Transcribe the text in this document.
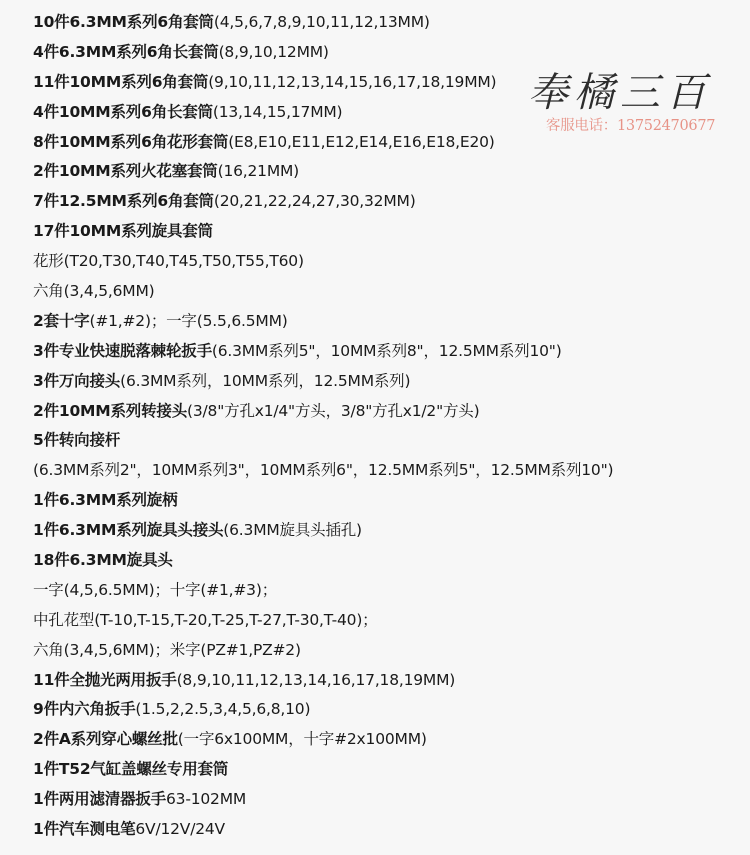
10件6.3MM系列6角套筒(4,5,6,7,8,9,10,11,12,13MM)
4件6.3MM系列6角长套筒(8,9,10,12MM)
11件10MM系列6角套筒(9,10,11,12,13,14,15,16,17,18,19MM)
4件10MM系列6角长套筒(13,14,15,17MM)
8件10MM系列6角花形套筒(E8,E10,E11,E12,E14,E16,E18,E20)
2件10MM系列火花塞套筒(16,21MM)
7件12.5MM系列6角套筒(20,21,22,24,27,30,32MM)
17件10MM系列旋具套筒
花形(T20,T30,T40,T45,T50,T55,T60)
六角(3,4,5,6MM)
2套十字(#1,#2)；一字(5.5,6.5MM)
3件专业快速脱落棘轮扳手(6.3MM系列5"，10MM系列8"，12.5MM系列10")
3件万向接头(6.3MM系列，10MM系列，12.5MM系列)
2件10MM系列转接头(3/8"方孔x1/4"方头，3/8"方孔x1/2"方头)
5件转向接杆
(6.3MM系列2"，10MM系列3"，10MM系列6"，12.5MM系列5"，12.5MM系列10")
1件6.3MM系列旋柄
1件6.3MM系列旋具头接头(6.3MM旋具头插孔)
18件6.3MM旋具头
一字(4,5,6.5MM)；十字(#1,#3)；
中孔花型(T-10,T-15,T-20,T-25,T-27,T-30,T-40)；
六角(3,4,5,6MM)；米字(PZ#1,PZ#2)
11件全抛光两用扳手(8,9,10,11,12,13,14,16,17,18,19MM)
9件内六角扳手(1.5,2,2.5,3,4,5,6,8,10)
2件A系列穿心螺丝批(一字6x100MM，十字#2x100MM)
1件T52气缸盖螺丝专用套筒
1件两用滤清器扳手63-102MM
1件汽车测电笔6V/12V/24V
奉橘三百
客服电话：13752470677
